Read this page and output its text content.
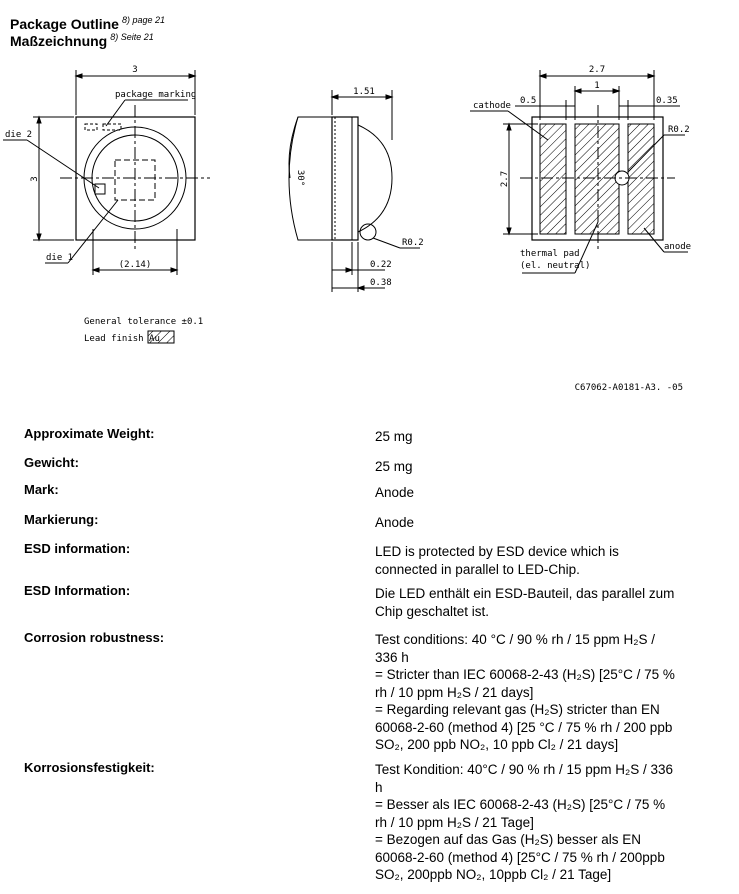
Package Outline $^{8) page 21}$
Maßzeichnung $^{8) Seite 21}$
3
package marking
die 2
3
die 1
(2.14)
1.51
30°
R0.2
0.22
0.38
2.7
1
0.5	0.35
cathode
R0.2
2.7
thermal pad
(el. neutral)
anode
General tolerance ±0.1
Lead finish Au
C67062-A0181-A3. -05
Approximate Weight:	25 mg
Gewicht:	25 mg
Mark:	Anode
Markierung:	Anode
ESD information:	LED is protected by ESD device which is
connected in parallel to LED-Chip.
ESD Information:	Die LED enthält ein ESD-Bauteil, das parallel zum
Chip geschaltet ist.
Corrosion robustness:	Test conditions: 40 °C / 90 % rh / 15 ppm H₂S /
336 h
= Stricter than IEC 60068-2-43 (H₂S) [25°C / 75 %
rh / 10 ppm H₂S / 21 days]
= Regarding relevant gas (H₂S) stricter than EN
60068-2-60 (method 4) [25 °C / 75 % rh / 200 ppb
SO₂, 200 ppb NO₂, 10 ppb Cl₂ / 21 days]
Korrosionsfestigkeit:	Test Kondition: 40°C / 90 % rh / 15 ppm H₂S / 336
h
= Besser als IEC 60068-2-43 (H₂S) [25°C / 75 %
rh / 10 ppm H₂S / 21 Tage]
= Bezogen auf das Gas (H₂S) besser als EN
60068-2-60 (method 4) [25°C / 75 % rh / 200ppb
SO₂, 200ppb NO₂, 10ppb Cl₂ / 21 Tage]
